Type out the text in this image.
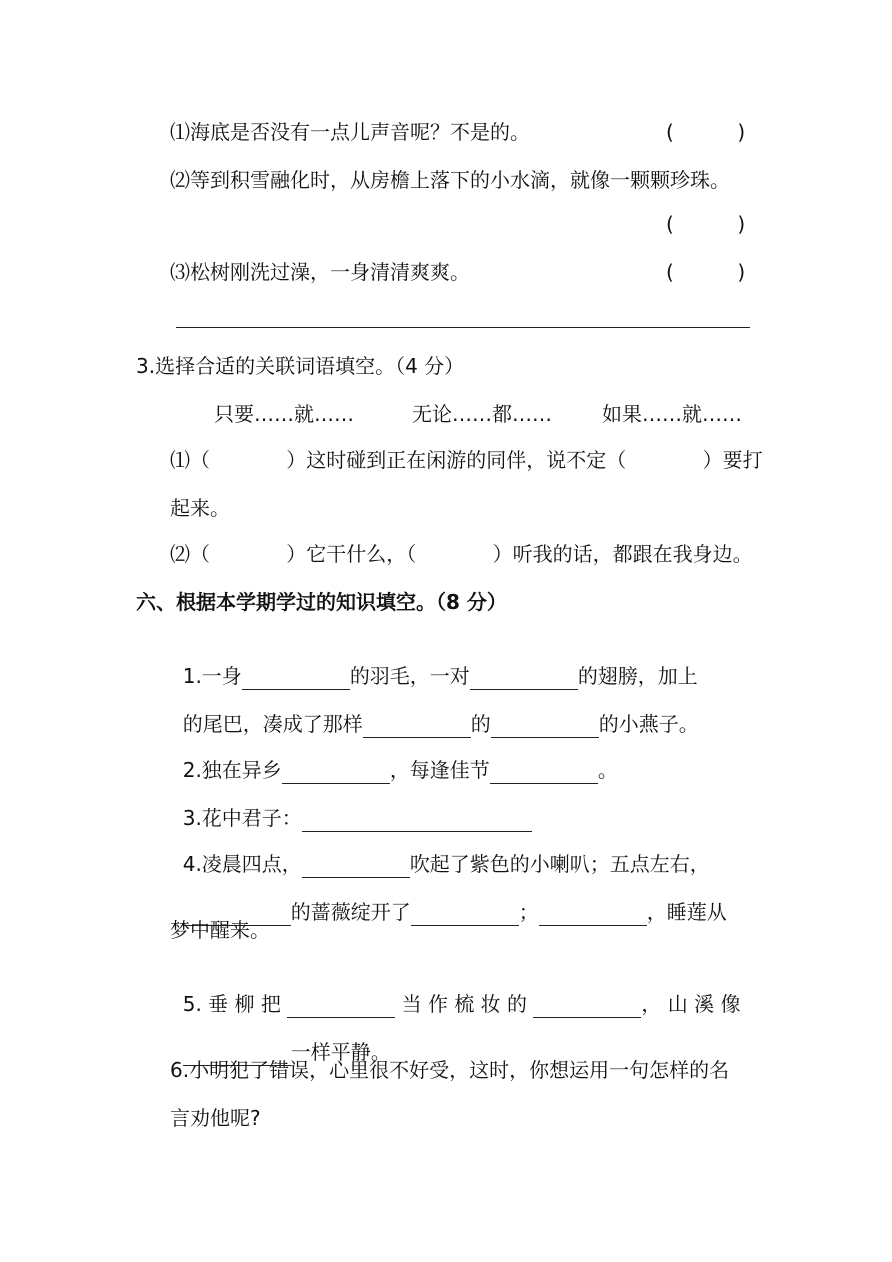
⑴海底是否没有一点儿声音呢？不是的。	(          )
⑵等到积雪融化时，从房檐上落下的小水滴，就像一颗颗珍珠。
(          )
⑶松树刚洗过澡，一身清清爽爽。	(          )
3.选择合适的关联词语填空。（4 分）
只要……就……	无论……都……	如果……就……
⑴（            ）这时碰到正在闲游的同伴，说不定（            ）要打
起来。
⑵（            ）它干什么，（            ）听我的话，都跟在我身边。
六、根据本学期学过的知识填空。（8 分）

1.一身	的羽毛，一对	的翅膀，加上

的尾巴，凑成了那样	的	的小燕子。

2.独在异乡	，每逢佳节	。

3.花中君子：

4.凌晨四点，	吹起了紫色的小喇叭；五点左右，

的蔷薇绽开了	；	，睡莲从

梦中醒来。

5. 垂 柳 把	当 作 梳 妆 的	， 山 溪 像

一样平静。

6.小明犯了错误，心里很不好受，这时，你想运用一句怎样的名
言劝他呢?
